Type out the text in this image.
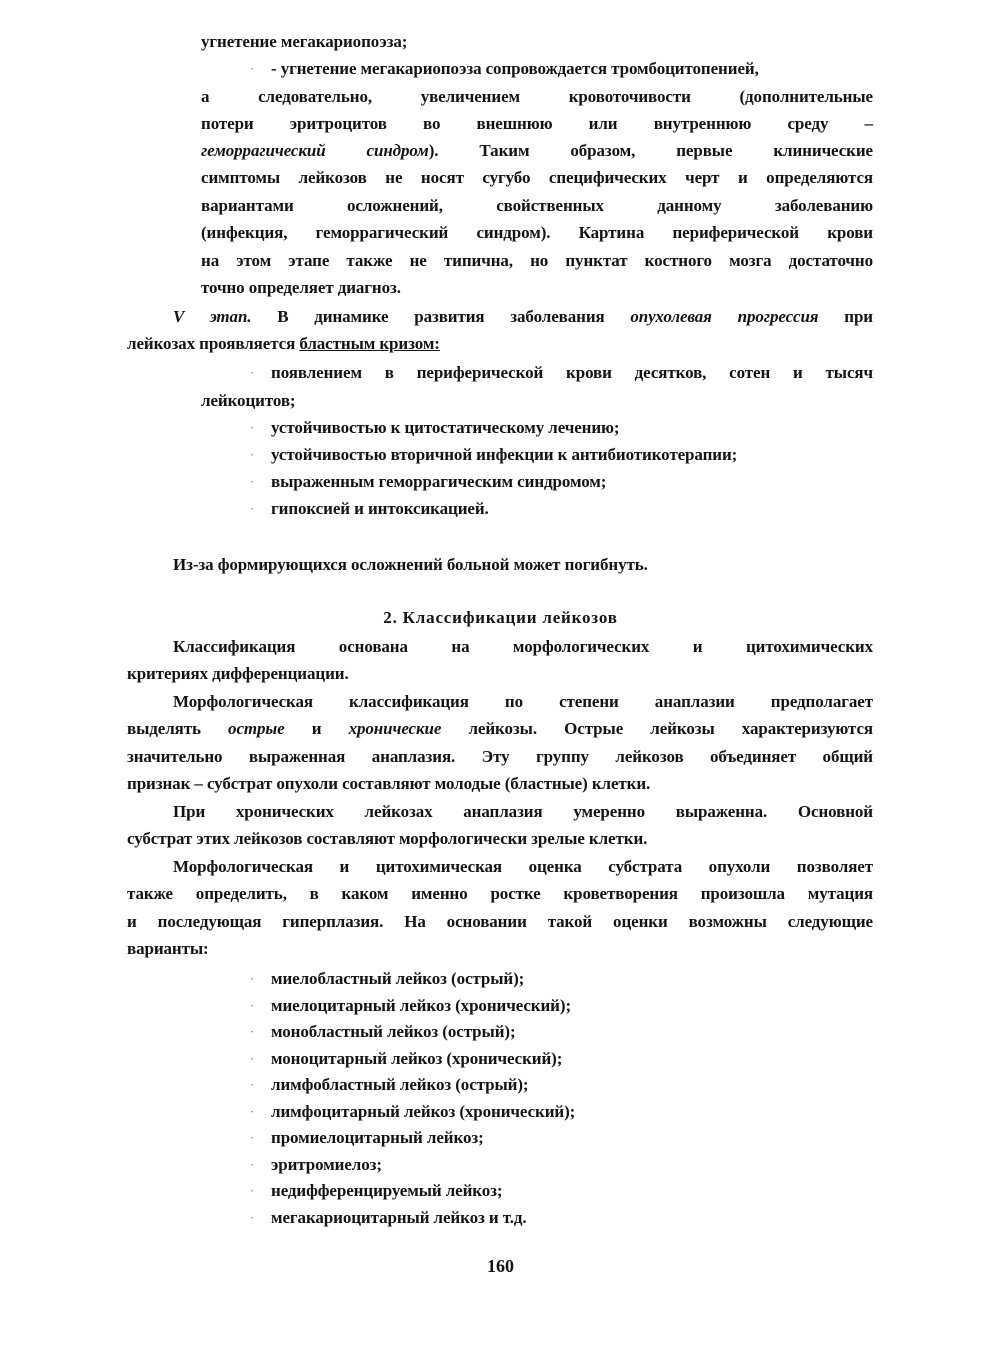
угнетение мегакариопоэза;
· - угнетение мегакариопоэза сопровождается тромбоцитопенией,
а следовательно, увеличением кровоточивости (дополнительные
потери эритроцитов во внешнюю или внутреннюю среду –
геморрагический синдром). Таким образом, первые клинические
симптомы лейкозов не носят сугубо специфических черт и определяются
вариантами осложнений, свойственных данному заболеванию
(инфекция, геморрагический синдром). Картина периферической крови
на этом этапе также не типична, но пунктат костного мозга достаточно
точно определяет диагноз.
V этап. В динамике развития заболевания опухолевая прогрессия при
лейкозах проявляется бластным кризом:
· появлением в периферической крови десятков, сотен и тысяч
лейкоцитов;
· устойчивостью к цитостатическому лечению;
· устойчивостью вторичной инфекции к антибиотикотерапии;
· выраженным геморрагическим синдромом;
· гипоксией и интоксикацией.
Из-за формирующихся осложнений больной может погибнуть.
2. Классификации лейкозов
Классификация основана на морфологических и цитохимических
критериях дифференциации.
Морфологическая классификация по степени анаплазии предполагает
выделять острые и хронические лейкозы. Острые лейкозы характеризуются
значительно выраженная анаплазия. Эту группу лейкозов объединяет общий
признак – субстрат опухоли составляют молодые (бластные) клетки.
При хронических лейкозах анаплазия умеренно выраженна. Основной
субстрат этих лейкозов составляют морфологически зрелые клетки.
Морфологическая и цитохимическая оценка субстрата опухоли позволяет
также определить, в каком именно ростке кроветворения произошла мутация
и последующая гиперплазия. На основании такой оценки возможны следующие
варианты:
· миелобластный лейкоз (острый);
· миелоцитарный лейкоз (хронический);
· монобластный лейкоз (острый);
· моноцитарный лейкоз (хронический);
· лимфобластный лейкоз (острый);
· лимфоцитарный лейкоз (хронический);
· промиелоцитарный лейкоз;
· эритромиелоз;
· недифференцируемый лейкоз;
· мегакариоцитарный лейкоз и т.д.
160
